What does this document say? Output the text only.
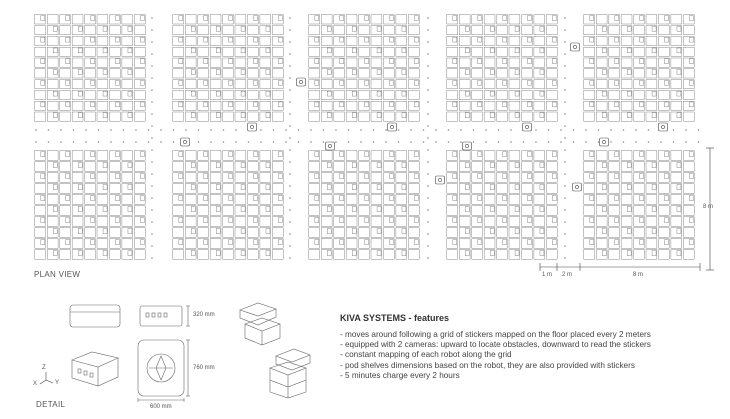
PLAN VIEW
DETAIL
8 m
1 m 2 m	8 m
320 mm
760 mm
600 mm
Z
X	Y
KIVA SYSTEMS - features
- moves around following a grid of stickers mapped on the floor placed every 2 meters
- equipped with 2 cameras: upward to locate obstacles, downward to read the stickers
- constant mapping of each robot along the grid
- pod shelves dimensions based on the robot, they are also provided with stickers
- 5 minutes charge every 2 hours
